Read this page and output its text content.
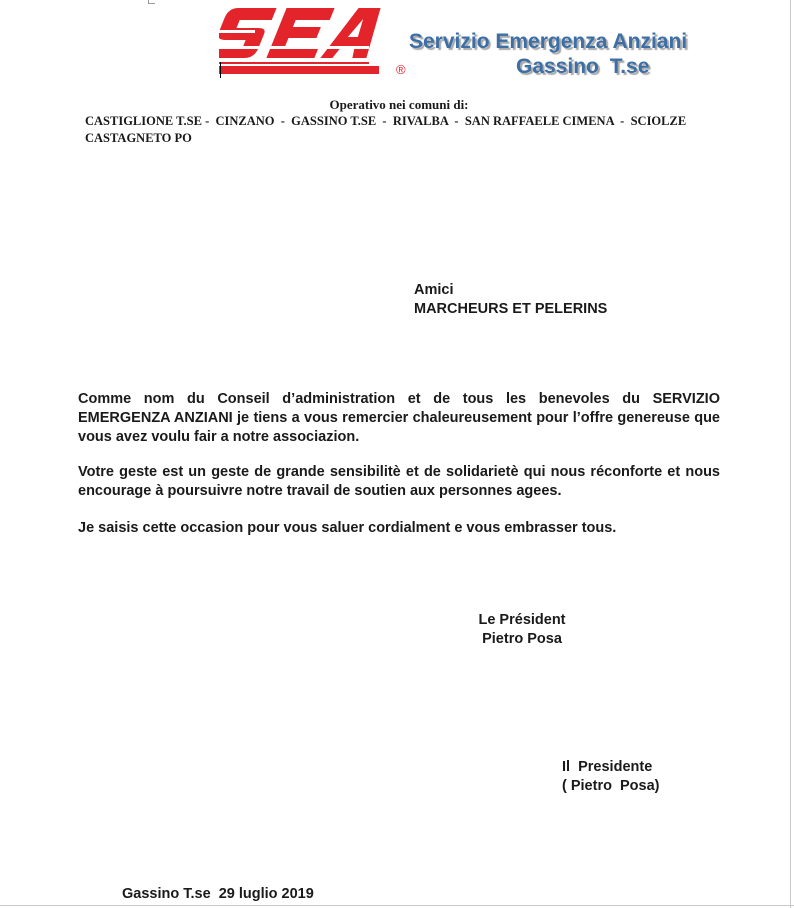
®
Servizio Emergenza Anziani
Gassino T.se
Operativo nei comuni di:
CASTIGLIONE T.SE -  CINZANO  -  GASSINO T.SE  -  RIVALBA  -  SAN RAFFAELE CIMENA  -  SCIOLZE
CASTAGNETO PO
Amici
MARCHEURS ET PELERINS
Comme nom du Conseil d’administration et de tous les benevoles du SERVIZIO EMERGENZA ANZIANI je tiens a vous remercier chaleureusement pour l’offre genereuse que vous avez voulu fair a notre associazion.
Votre geste est un geste de grande sensibilitè et de solidarietè qui nous réconforte et nous encourage à poursuivre notre travail de soutien aux personnes agees.
Je saisis cette occasion pour vous saluer cordialment e vous embrasser tous.
Le Président
Pietro Posa
Il  Presidente
( Pietro  Posa)
Gassino T.se  29 luglio 2019
